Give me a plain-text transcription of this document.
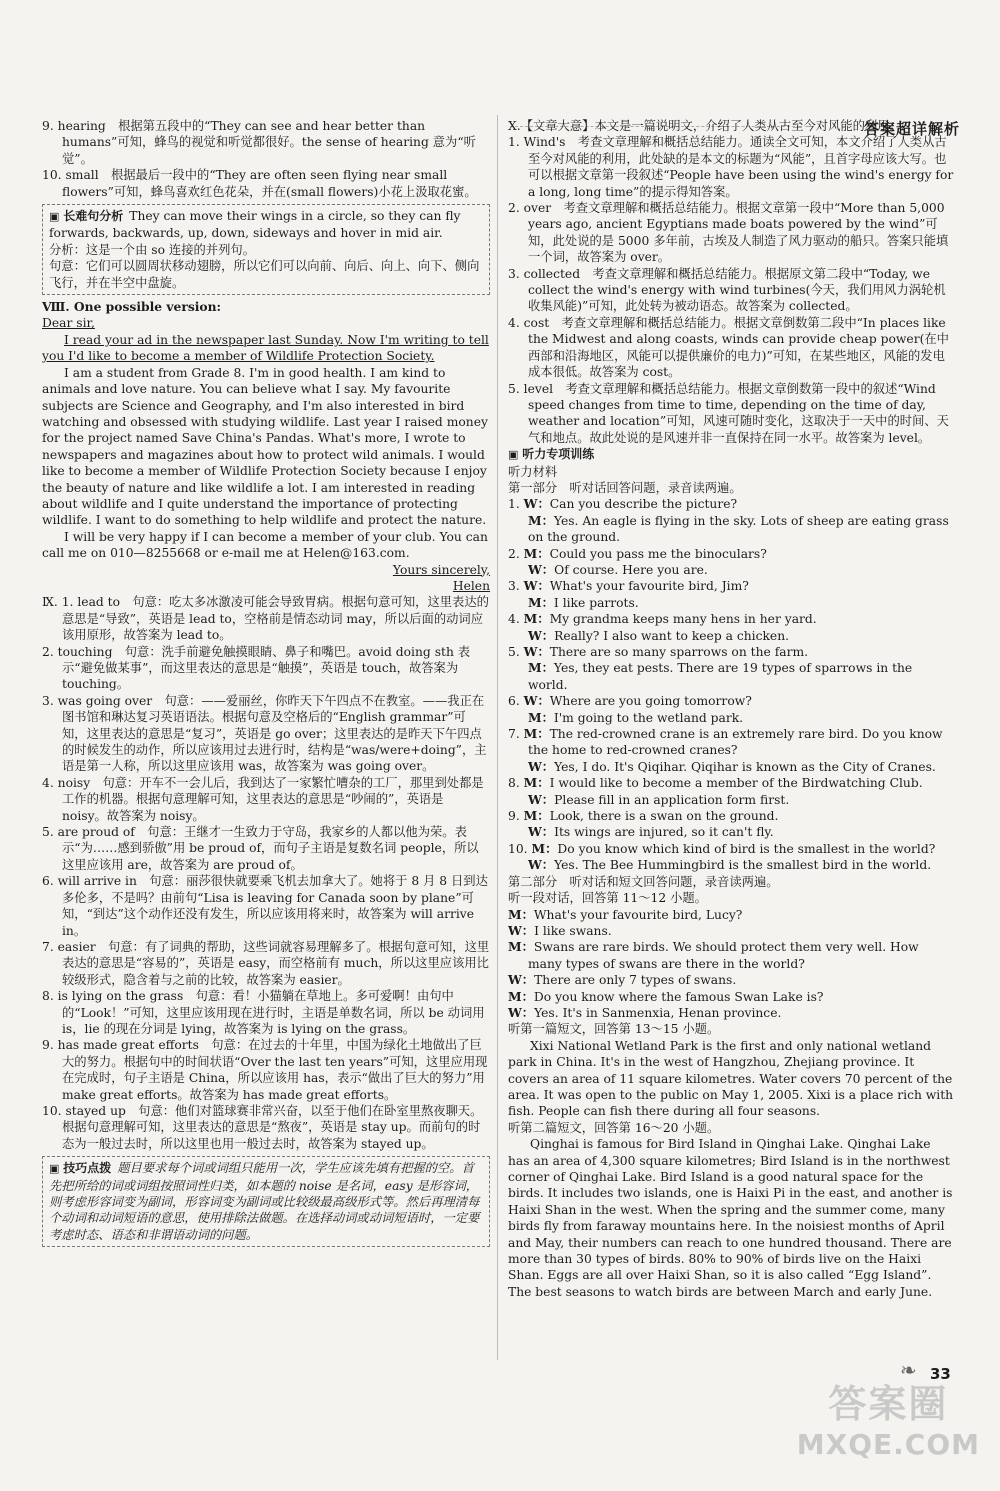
答案超详解析

9. hearing　根据第五段中的“They can see and hear better than humans”可知，蜂鸟的视觉和听觉都很好。the sense of hearing 意为“听觉”。

10. small　根据最后一段中的“They are often seen flying near small flowers”可知，蜂鸟喜欢红色花朵，并在(small flowers)小花上汲取花蜜。

▣ 长难句分析 They can move their wings in a circle, so they can fly forwards, backwards, up, down, sideways and hover in mid air.

分析：这是一个由 so 连接的并列句。

句意：它们可以圆周状移动翅膀，所以它们可以向前、向后、向上、向下、侧向飞行，并在半空中盘旋。

Ⅷ. One possible version:

Dear sir,

I read your ad in the newspaper last Sunday. Now I'm writing to tell you I'd like to become a member of Wildlife Protection Society.

I am a student from Grade 8. I'm in good health. I am kind to animals and love nature. You can believe what I say. My favourite subjects are Science and Geography, and I'm also interested in bird watching and obsessed with studying wildlife. Last year I raised money for the project named Save China's Pandas. What's more, I wrote to newspapers and magazines about how to protect wild animals. I would like to become a member of Wildlife Protection Society because I enjoy the beauty of nature and like wildlife a lot. I am interested in reading about wildlife and I quite understand the importance of protecting wildlife. I want to do something to help wildlife and protect the nature.

I will be very happy if I can become a member of your club. You can call me on 010—8255668 or e-mail me at Helen@163.com.

Yours sincerely,

Helen

Ⅸ. 1. lead to　句意：吃太多冰激凌可能会导致胃病。根据句意可知，这里表达的意思是“导致”，英语是 lead to，空格前是情态动词 may，所以后面的动词应该用原形，故答案为 lead to。

2. touching　句意：洗手前避免触摸眼睛、鼻子和嘴巴。avoid doing sth 表示“避免做某事”，而这里表达的意思是“触摸”，英语是 touch，故答案为 touching。

3. was going over　句意：——爱丽丝，你昨天下午四点不在教室。——我正在图书馆和琳达复习英语语法。根据句意及空格后的“English grammar”可知，这里表达的意思是“复习”，英语是 go over；这里表达的是昨天下午四点的时候发生的动作，所以应该用过去进行时，结构是“was/were+doing”，主语是第一人称，所以这里应该用 was，故答案为 was going over。

4. noisy　句意：开车不一会儿后，我到达了一家繁忙嘈杂的工厂，那里到处都是工作的机器。根据句意理解可知，这里表达的意思是“吵闹的”，英语是 noisy。故答案为 noisy。

5. are proud of　句意：王继才一生致力于守岛，我家乡的人都以他为荣。表示“为……感到骄傲”用 be proud of，而句子主语是复数名词 people，所以这里应该用 are，故答案为 are proud of。

6. will arrive in　句意：丽莎很快就要乘飞机去加拿大了。她将于 8 月 8 日到达多伦多，不是吗？由前句“Lisa is leaving for Canada soon by plane”可知，“到达”这个动作还没有发生，所以应该用将来时，故答案为 will arrive in。

7. easier　句意：有了词典的帮助，这些词就容易理解多了。根据句意可知，这里表达的意思是“容易的”，英语是 easy，而空格前有 much，所以这里应该用比较级形式，隐含着与之前的比较，故答案为 easier。

8. is lying on the grass　句意：看！小猫躺在草地上。多可爱啊！由句中的“Look！”可知，这里应该用现在进行时，主语是单数名词，所以 be 动词用 is，lie 的现在分词是 lying，故答案为 is lying on the grass。

9. has made great efforts　句意：在过去的十年里，中国为绿化土地做出了巨大的努力。根据句中的时间状语“Over the last ten years”可知，这里应用现在完成时，句子主语是 China，所以应该用 has，表示“做出了巨大的努力”用 make great efforts。故答案为 has made great efforts。

10. stayed up　句意：他们对篮球赛非常兴奋，以至于他们在卧室里熬夜聊天。根据句意理解可知，这里表达的意思是“熬夜”，英语是 stay up。而前句的时态为一般过去时，所以这里也用一般过去时，故答案为 stayed up。

▣ 技巧点拨 题目要求每个词或词组只能用一次，学生应该先填有把握的空。首先把所给的词或词组按照词性归类，如本题的 noise 是名词，easy 是形容词，则考虑形容词变为副词，形容词变为副词或比较级最高级形式等。然后再理清每个动词和动词短语的意思，使用排除法做题。在选择动词或动词短语时，一定要考虑时态、语态和非谓语动词的问题。

Ⅹ.【文章大意】本文是一篇说明文，介绍了人类从古至今对风能的利用。

1. Wind's　考查文章理解和概括总结能力。通读全文可知，本文介绍了人类从古至今对风能的利用，此处缺的是本文的标题为“风能”，且首字母应该大写。也可以根据文章第一段叙述“People have been using the wind's energy for a long, long time”的提示得知答案。

2. over　考查文章理解和概括总结能力。根据文章第一段中“More than 5,000 years ago, ancient Egyptians made boats powered by the wind”可知，此处说的是 5000 多年前，古埃及人制造了风力驱动的船只。答案只能填一个词，故答案为 over。

3. collected　考查文章理解和概括总结能力。根据原文第二段中“Today, we collect the wind's energy with wind turbines(今天，我们用风力涡轮机收集风能)”可知，此处转为被动语态。故答案为 collected。

4. cost　考查文章理解和概括总结能力。根据文章倒数第二段中“In places like the Midwest and along coasts, winds can provide cheap power(在中西部和沿海地区，风能可以提供廉价的电力)”可知，在某些地区，风能的发电成本很低。故答案为 cost。

5. level　考查文章理解和概括总结能力。根据文章倒数第一段中的叙述“Wind speed changes from time to time, depending on the time of day, weather and location”可知，风速可随时变化，这取决于一天中的时间、天气和地点。故此处说的是风速并非一直保持在同一水平。故答案为 level。

▣ 听力专项训练

听力材料

第一部分　听对话回答问题，录音读两遍。

1. W：Can you describe the picture?

M：Yes. An eagle is flying in the sky. Lots of sheep are eating grass on the ground.

2. M：Could you pass me the binoculars?

W：Of course. Here you are.

3. W：What's your favourite bird, Jim?

M：I like parrots.

4. M：My grandma keeps many hens in her yard.

W：Really? I also want to keep a chicken.

5. W：There are so many sparrows on the farm.

M：Yes, they eat pests. There are 19 types of sparrows in the world.

6. W：Where are you going tomorrow?

M：I'm going to the wetland park.

7. M：The red-crowned crane is an extremely rare bird. Do you know the home to red-crowned cranes?

W：Yes, I do. It's Qiqihar. Qiqihar is known as the City of Cranes.

8. M：I would like to become a member of the Birdwatching Club.

W：Please fill in an application form first.

9. M：Look, there is a swan on the ground.

W：Its wings are injured, so it can't fly.

10. M：Do you know which kind of bird is the smallest in the world?

W：Yes. The Bee Hummingbird is the smallest bird in the world.

第二部分　听对话和短文回答问题，录音读两遍。

听一段对话，回答第 11～12 小题。

M：What's your favourite bird, Lucy?

W：I like swans.

M：Swans are rare birds. We should protect them very well. How many types of swans are there in the world?

W：There are only 7 types of swans.

M：Do you know where the famous Swan Lake is?

W：Yes. It's in Sanmenxia, Henan province.

听第一篇短文，回答第 13～15 小题。

Xixi National Wetland Park is the first and only national wetland park in China. It's in the west of Hangzhou, Zhejiang province. It covers an area of 11 square kilometres. Water covers 70 percent of the area. It was open to the public on May 1, 2005. Xixi is a place rich with fish. People can fish there during all four seasons.

听第二篇短文，回答第 16～20 小题。

Qinghai is famous for Bird Island in Qinghai Lake. Qinghai Lake has an area of 4,300 square kilometres; Bird Island is in the northwest corner of Qinghai Lake. Bird Island is a good natural space for the birds. It includes two islands, one is Haixi Pi in the east, and another is Haixi Shan in the west. When the spring and the summer come, many birds fly from faraway mountains here. In the noisiest months of April and May, their numbers can reach to one hundred thousand. There are more than 30 types of birds. 80% to 90% of birds live on the Haixi Shan. Eggs are all over Haixi Shan, so it is also called “Egg Island”. The best seasons to watch birds are between March and early June.

❧ 33
答案圈
MXQE.COM
